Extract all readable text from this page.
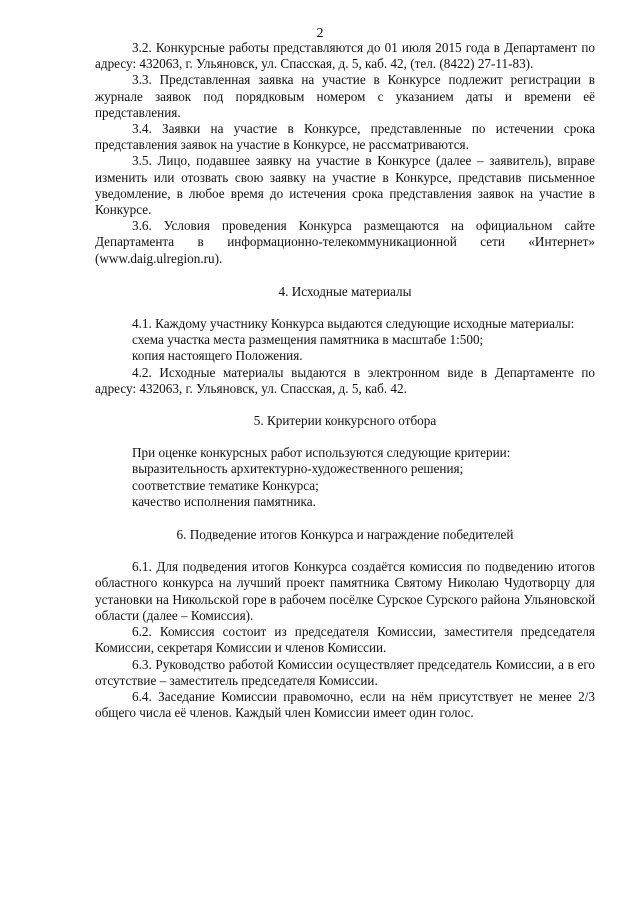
2

3.2. Конкурсные работы представляются до 01 июля 2015 года в Департамент по адресу: 432063, г. Ульяновск, ул. Спасская, д. 5, каб. 42, (тел. (8422) 27-11-83).

3.3. Представленная заявка на участие в Конкурсе подлежит регистрации в журнале заявок под порядковым номером с указанием даты и времени её представления.

3.4. Заявки на участие в Конкурсе, представленные по истечении срока представления заявок на участие в Конкурсе, не рассматриваются.

3.5. Лицо, подавшее заявку на участие в Конкурсе (далее – заявитель), вправе изменить или отозвать свою заявку на участие в Конкурсе, представив письменное уведомление, в любое время до истечения срока представления заявок на участие в Конкурсе.

3.6. Условия проведения Конкурса размещаются на официальном сайте Департамента в информационно-телекоммуникационной сети «Интернет» (www.daig.ulregion.ru).

4. Исходные материалы

4.1. Каждому участнику Конкурса выдаются следующие исходные материалы:

схема участка места размещения памятника в масштабе 1:500;

копия настоящего Положения.

4.2. Исходные материалы выдаются в электронном виде в Департаменте по адресу: 432063, г. Ульяновск, ул. Спасская, д. 5, каб. 42.

5. Критерии конкурсного отбора

При оценке конкурсных работ используются следующие критерии:

выразительность архитектурно-художественного решения;

соответствие тематике Конкурса;

качество исполнения памятника.

6. Подведение итогов Конкурса и награждение победителей

6.1. Для подведения итогов Конкурса создаётся комиссия по подведению итогов областного конкурса на лучший проект памятника Святому Николаю Чудотворцу для установки на Никольской горе в рабочем посёлке Сурское Сурского района Ульяновской области (далее – Комиссия).

6.2. Комиссия состоит из председателя Комиссии, заместителя председателя Комиссии, секретаря Комиссии и членов Комиссии.

6.3. Руководство работой Комиссии осуществляет председатель Комиссии, а в его отсутствие – заместитель председателя Комиссии.

6.4. Заседание Комиссии правомочно, если на нём присутствует не менее 2/3 общего числа её членов. Каждый член Комиссии имеет один голос.
